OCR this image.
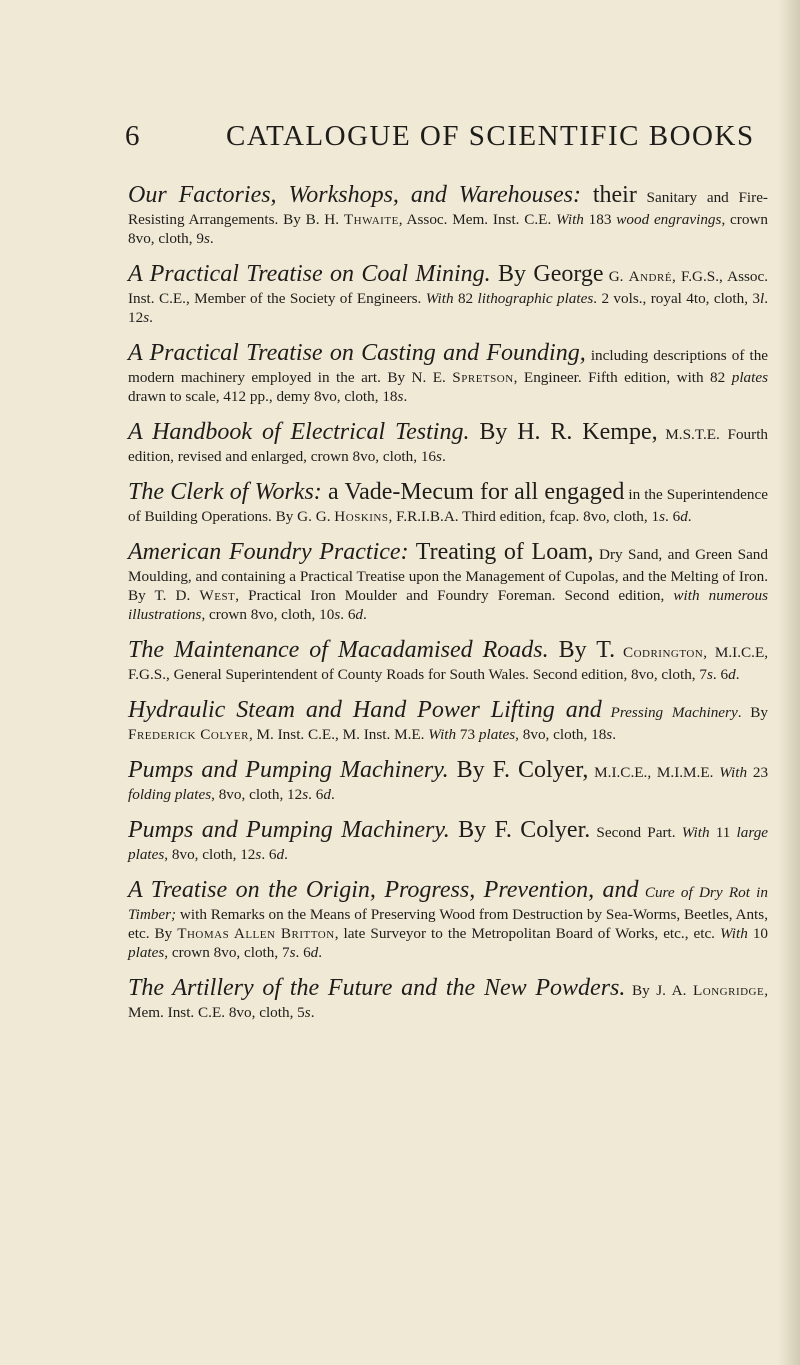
6	CATALOGUE OF SCIENTIFIC BOOKS

Our Factories, Workshops, and Warehouses: their Sanitary and Fire-Resisting Arrangements. By B. H. Thwaite, Assoc. Mem. Inst. C.E. With 183 wood engravings, crown 8vo, cloth, 9s.

A Practical Treatise on Coal Mining. By George G. André, F.G.S., Assoc. Inst. C.E., Member of the Society of Engineers. With 82 lithographic plates. 2 vols., royal 4to, cloth, 3l. 12s.

A Practical Treatise on Casting and Founding, including descriptions of the modern machinery employed in the art. By N. E. Spretson, Engineer. Fifth edition, with 82 plates drawn to scale, 412 pp., demy 8vo, cloth, 18s.

A Handbook of Electrical Testing. By H. R. Kempe, M.S.T.E. Fourth edition, revised and enlarged, crown 8vo, cloth, 16s.

The Clerk of Works: a Vade-Mecum for all engaged in the Superintendence of Building Operations. By G. G. Hoskins, F.R.I.B.A. Third edition, fcap. 8vo, cloth, 1s. 6d.

American Foundry Practice: Treating of Loam, Dry Sand, and Green Sand Moulding, and containing a Practical Treatise upon the Management of Cupolas, and the Melting of Iron. By T. D. West, Practical Iron Moulder and Foundry Foreman. Second edition, with numerous illustrations, crown 8vo, cloth, 10s. 6d.

The Maintenance of Macadamised Roads. By T. Codrington, M.I.C.E, F.G.S., General Superintendent of County Roads for South Wales. Second edition, 8vo, cloth, 7s. 6d.

Hydraulic Steam and Hand Power Lifting and Pressing Machinery. By Frederick Colyer, M. Inst. C.E., M. Inst. M.E. With 73 plates, 8vo, cloth, 18s.

Pumps and Pumping Machinery. By F. Colyer, M.I.C.E., M.I.M.E. With 23 folding plates, 8vo, cloth, 12s. 6d.

Pumps and Pumping Machinery. By F. Colyer. Second Part. With 11 large plates, 8vo, cloth, 12s. 6d.

A Treatise on the Origin, Progress, Prevention, and Cure of Dry Rot in Timber; with Remarks on the Means of Preserving Wood from Destruction by Sea-Worms, Beetles, Ants, etc. By Thomas Allen Britton, late Surveyor to the Metropolitan Board of Works, etc., etc. With 10 plates, crown 8vo, cloth, 7s. 6d.

The Artillery of the Future and the New Powders. By J. A. Longridge, Mem. Inst. C.E. 8vo, cloth, 5s.
